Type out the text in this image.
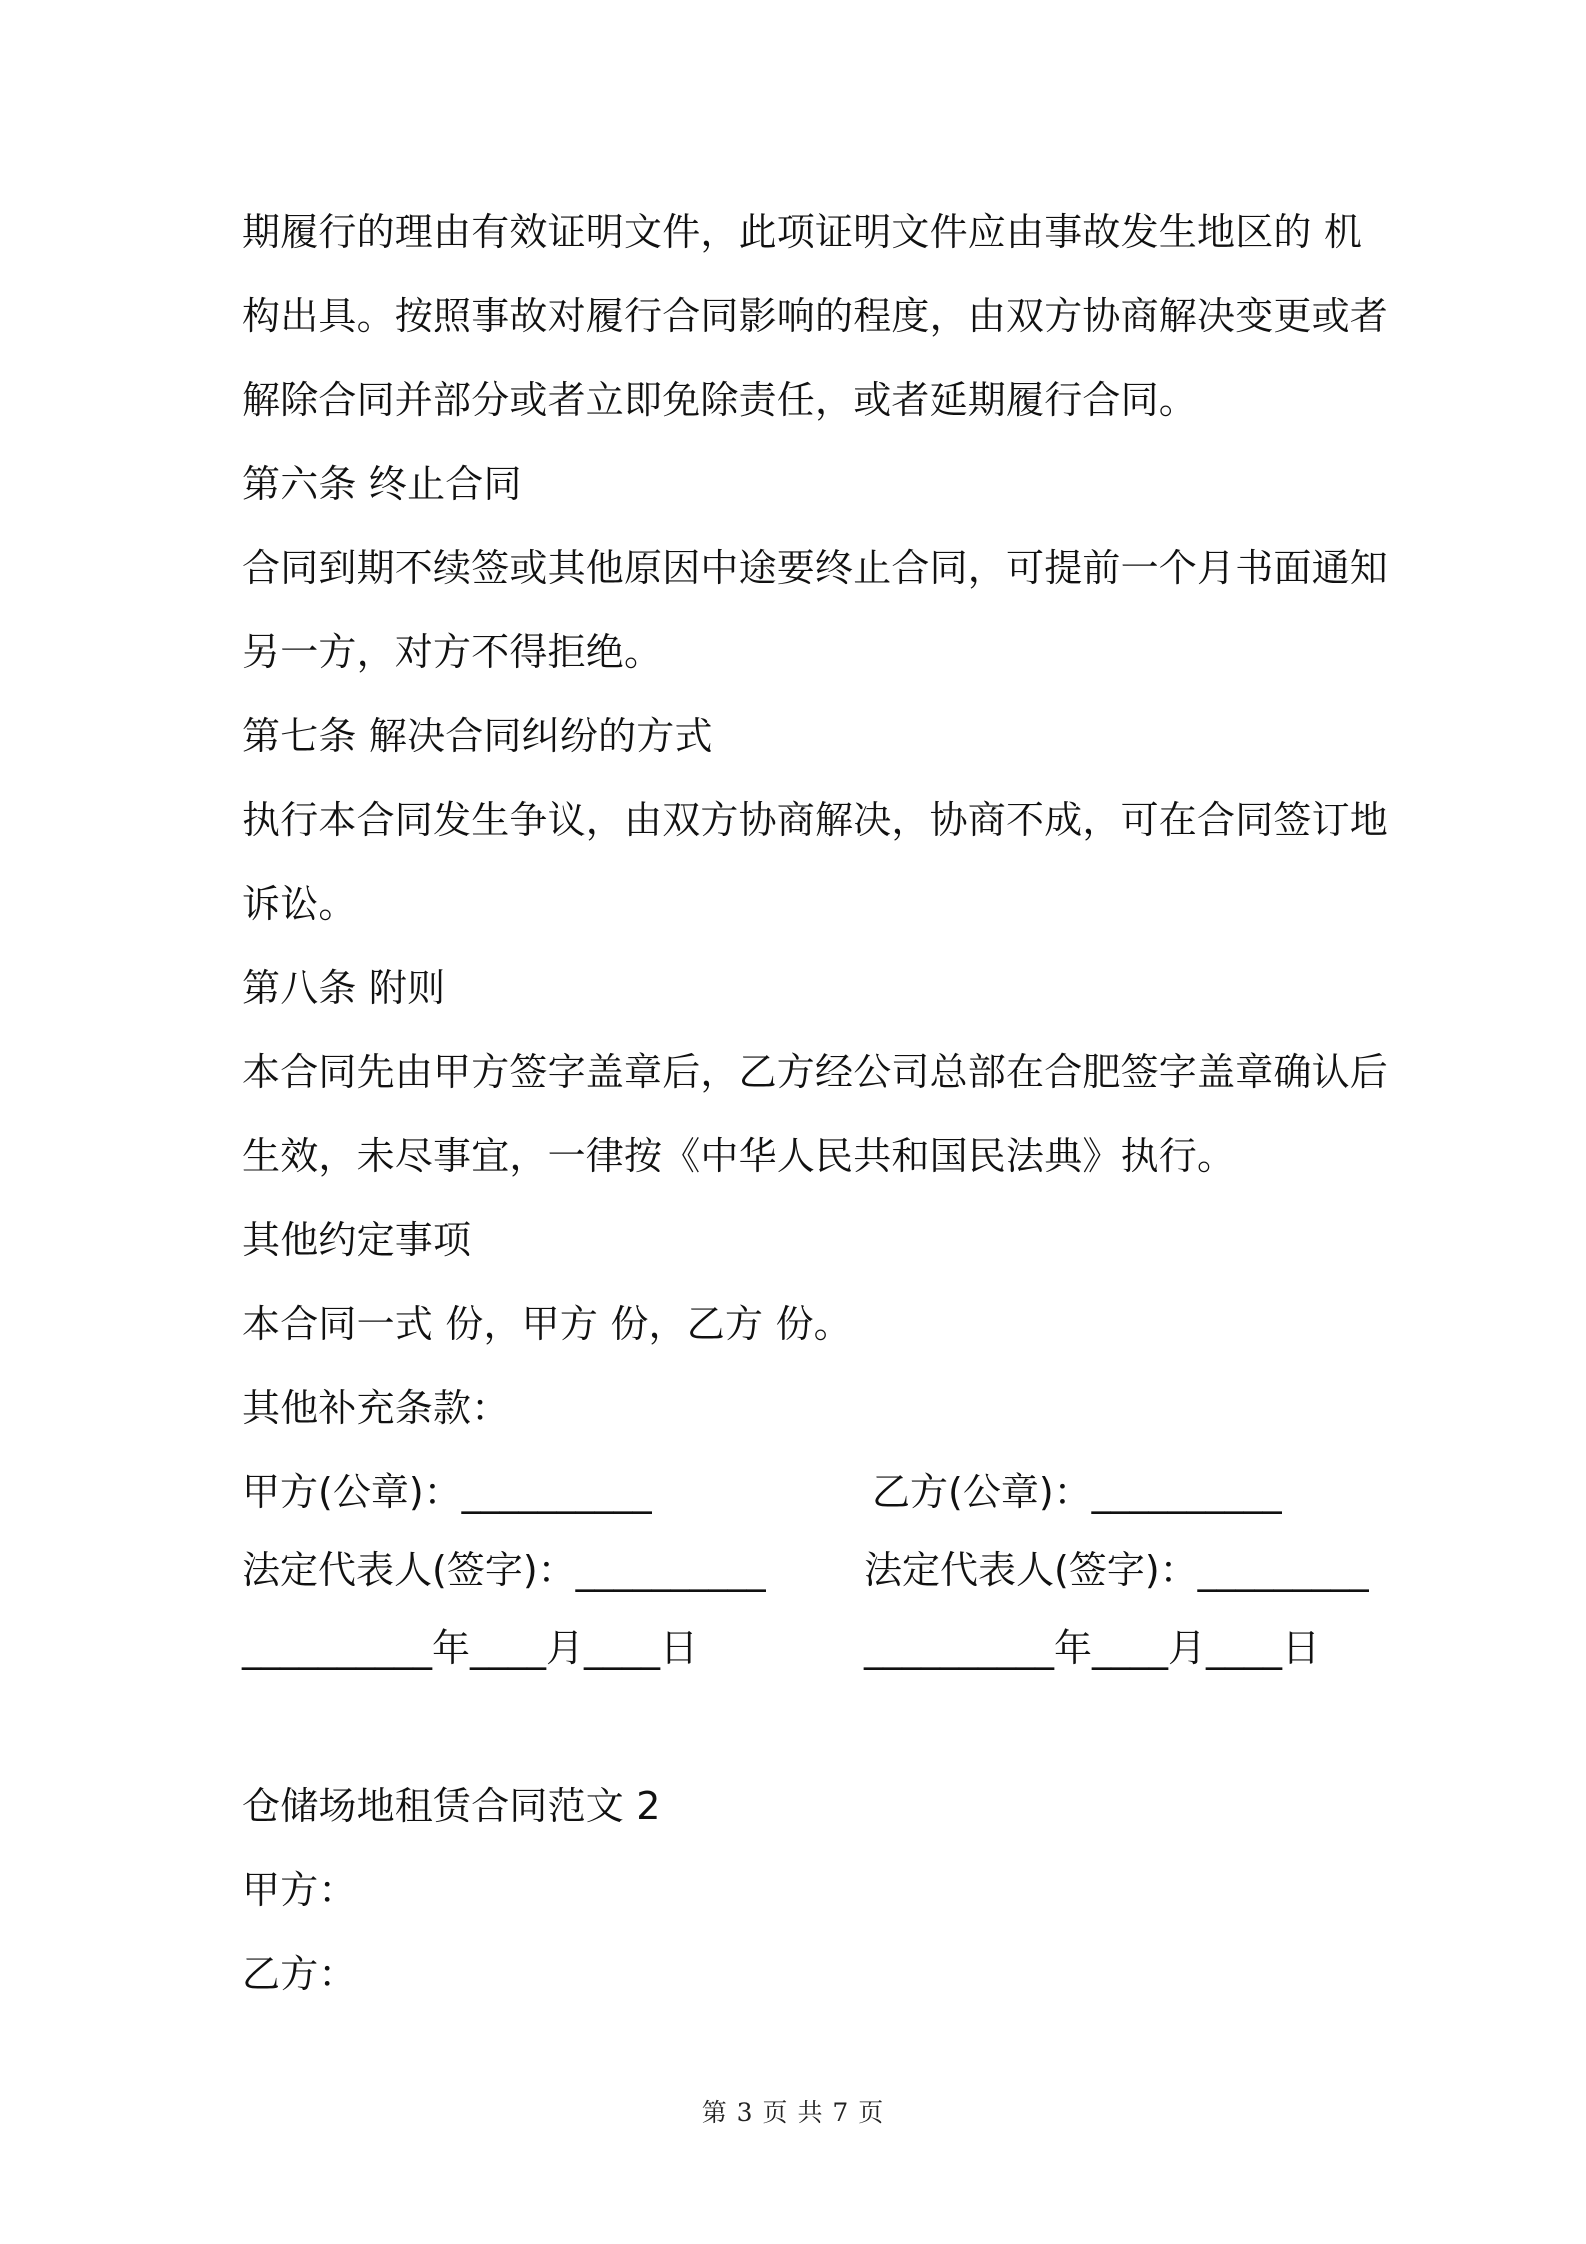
期履行的理由有效证明文件，此项证明文件应由事故发生地区的 机
构出具。按照事故对履行合同影响的程度，由双方协商解决变更或者
解除合同并部分或者立即免除责任，或者延期履行合同。
第六条 终止合同
合同到期不续签或其他原因中途要终止合同，可提前一个月书面通知
另一方，对方不得拒绝。
第七条 解决合同纠纷的方式
执行本合同发生争议，由双方协商解决，协商不成，可在合同签订地
诉讼。
第八条 附则
本合同先由甲方签字盖章后，乙方经公司总部在合肥签字盖章确认后
生效，未尽事宜，一律按《中华人民共和国民法典》执行。
其他约定事项
本合同一式 份，甲方 份，乙方 份。
其他补充条款：
甲方(公章)：__________	乙方(公章)：__________
法定代表人(签字)：__________	法定代表人(签字)：_________
__________年____月____日	__________年____月____日
仓储场地租赁合同范文 2
甲方：
乙方：
第 3 页 共 7 页
